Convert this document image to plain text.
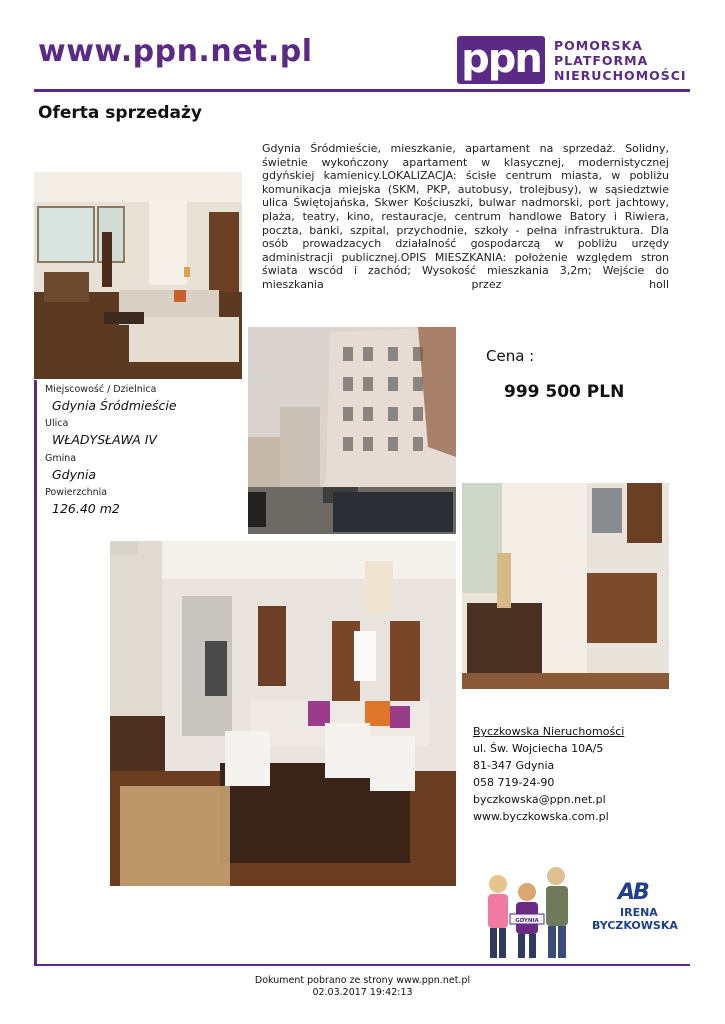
www.ppn.net.pl	ppn	POMORSKA
PLATFORMA
NIERUCHOMOŚCI
Oferta sprzedaży
Gdynia Śródmieście, mieszkanie, apartament na sprzedaż. Solidny, świetnie wykończony apartament w klasycznej, modernistycznej gdyńskiej kamienicy.LOKALIZACJA: ścisłe centrum miasta, w pobliżu komunikacja miejska (SKM, PKP, autobusy, trolejbusy), w sąsiedztwie ulica Świętojańska, Skwer Kościuszki, bulwar nadmorski, port jachtowy, plaża, teatry, kino, restauracje, centrum handlowe Batory i Riwiera, poczta, banki, szpital, przychodnie, szkoły - pełna infrastruktura. Dla osób prowadzacych działalność gospodarczą w pobliżu urzędy administracji publicznej.OPIS MIESZKANIA: położenie względem stron świata wscód i zachód; Wysokość mieszkania 3,2m; Wejście do mieszkania przez holl
Miejscowość / Dzielnica
Gdynia Śródmieście
Ulica
WŁADYSŁAWA IV
Gmina
Gdynia
Powierzchnia
126.40 m2
Cena :
999 500 PLN
Byczkowska Nieruchomości
ul. Św. Wojciecha 10A/5
81-347 Gdynia
058 719-24-90
byczkowska@ppn.net.pl
www.byczkowska.com.pl
GDYNIA
AB
IRENA
BYCZKOWSKA
Dokument pobrano ze strony www.ppn.net.pl
02.03.2017 19:42:13
